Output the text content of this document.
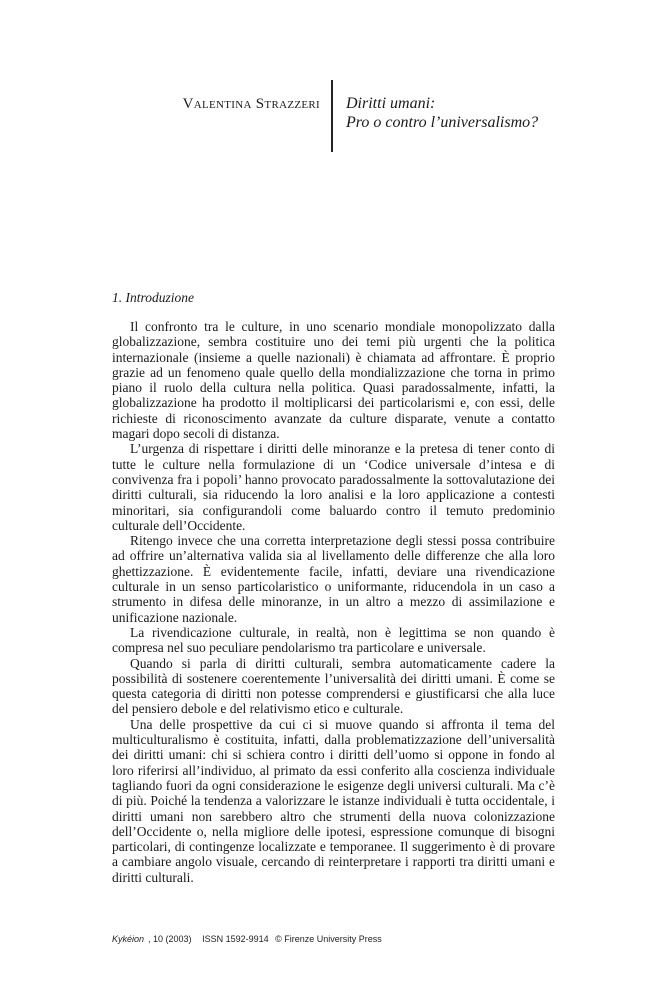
Valentina Strazzeri Diritti umani:
Pro o contro l’universalismo?
1. Introduzione

Il confronto tra le culture, in uno scenario mondiale monopolizzato dalla globalizzazione, sembra costituire uno dei temi più urgenti che la politica internazionale (insieme a quelle nazionali) è chiamata ad affrontare. È proprio grazie ad un fenomeno quale quello della mondializzazione che torna in primo piano il ruolo della cultura nella politica. Quasi paradossalmente, infatti, la globalizzazione ha prodotto il moltiplicarsi dei particolarismi e, con essi, delle richieste di riconoscimento avanzate da culture disparate, venute a contatto magari dopo secoli di distanza.

L’urgenza di rispettare i diritti delle minoranze e la pretesa di tener conto di tutte le culture nella formulazione di un ‘Codice universale d’intesa e di convivenza fra i popoli’ hanno provocato paradossalmente la sottovalutazione dei diritti culturali, sia riducendo la loro analisi e la loro applicazione a contesti minoritari, sia configurandoli come baluardo contro il temuto predominio culturale dell’Occidente.

Ritengo invece che una corretta interpretazione degli stessi possa contribuire ad offrire un’alternativa valida sia al livellamento delle differenze che alla loro ghettizzazione. È evidentemente facile, infatti, deviare una rivendicazione culturale in un senso particolaristico o uniformante, riducendola in un caso a strumento in difesa delle minoranze, in un altro a mezzo di assimilazione e unificazione nazionale.

La rivendicazione culturale, in realtà, non è legittima se non quando è compresa nel suo peculiare pendolarismo tra particolare e universale.

Quando si parla di diritti culturali, sembra automaticamente cadere la possibilità di sostenere coerentemente l’universalità dei diritti umani. È come se questa categoria di diritti non potesse comprendersi e giustificarsi che alla luce del pensiero debole e del relativismo etico e culturale.

Una delle prospettive da cui ci si muove quando si affronta il tema del multiculturalismo è costituita, infatti, dalla problematizzazione dell’universalità dei diritti umani: chi si schiera contro i diritti dell’uomo si oppone in fondo al loro riferirsi all’individuo, al primato da essi conferito alla coscienza individuale tagliando fuori da ogni considerazione le esigenze degli universi culturali. Ma c’è di più. Poiché la tendenza a valorizzare le istanze individuali è tutta occidentale, i diritti umani non sarebbero altro che strumenti della nuova colonizzazione dell’Occidente o, nella migliore delle ipotesi, espressione comunque di bisogni particolari, di contingenze localizzate e temporanee. Il suggerimento è di provare a cambiare angolo visuale, cercando di reinterpretare i rapporti tra diritti umani e diritti culturali.

Kykéion , 10 (2003) ISSN 1592-9914 © Firenze University Press
